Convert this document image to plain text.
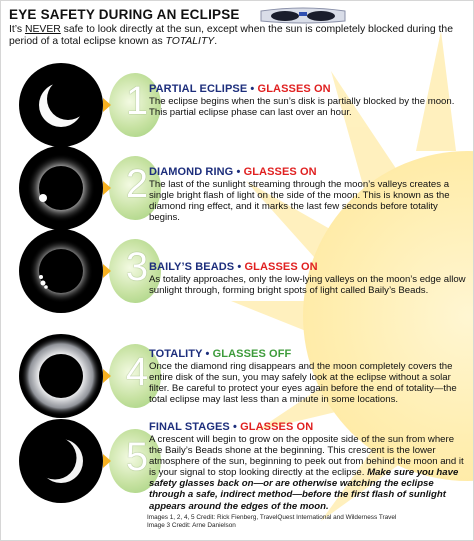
EYE SAFETY DURING AN ECLIPSE
It’s NEVER safe to look directly at the sun, except when the sun is completely blocked during the period of a total eclipse known as TOTALITY.
1 PARTIAL ECLIPSE • GLASSES ON
The eclipse begins when the sun’s disk is partially blocked by the moon. This partial eclipse phase can last over an hour.
2 DIAMOND RING • GLASSES ON
The last of the sunlight streaming through the moon’s valleys creates a single bright flash of light on the side of the moon. This is known as the diamond ring effect, and it marks the last few seconds before totality begins.
3 BAILY’S BEADS • GLASSES ON
As totality approaches, only the low-lying valleys on the moon’s edge allow sunlight through, forming bright spots of light called Baily’s Beads.
4 TOTALITY • GLASSES OFF
Once the diamond ring disappears and the moon completely covers the entire disk of the sun, you may safely look at the eclipse without a solar filter. Be careful to protect your eyes again before the end of totality—the total eclipse may last less than a minute in some locations.
5
FINAL STAGES • GLASSES ON
A crescent will begin to grow on the opposite side of the sun from where the Baily’s Beads shone at the beginning. This crescent is the lower atmosphere of the sun, beginning to peek out from behind the moon and it is your signal to stop looking directly at the eclipse. Make sure you have safety glasses back on—or are otherwise watching the eclipse through a safe, indirect method—before the first flash of sunlight appears around the edges of the moon.
Images 1, 2, 4, 5 Credit: Rick Fienberg, TravelQuest International and Wilderness Travel
Image 3 Credit: Arne Danielson
